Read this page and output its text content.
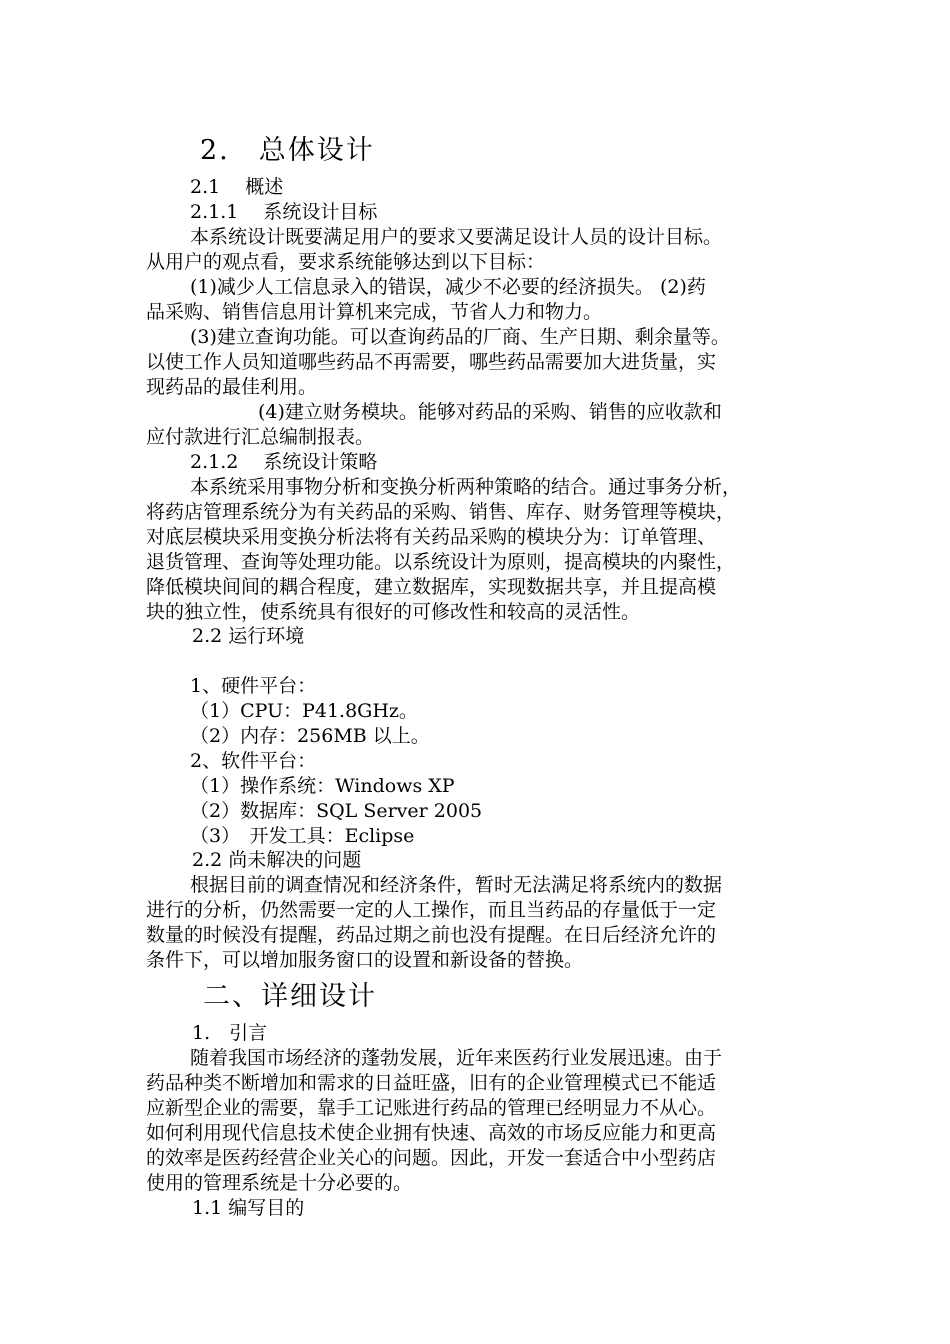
2.　总体设计
2.1　 概述
2.1.1　 系统设计目标
本系统设计既要满足用户的要求又要满足设计人员的设计目标。
从用户的观点看，要求系统能够达到以下目标：
(1)减少人工信息录入的错误，减少不必要的经济损失。 (2)药
品采购、销售信息用计算机来完成，节省人力和物力。
(3)建立查询功能。可以查询药品的厂商、生产日期、剩余量等。
以使工作人员知道哪些药品不再需要，哪些药品需要加大进货量，实
现药品的最佳利用。
(4)建立财务模块。能够对药品的采购、销售的应收款和
应付款进行汇总编制报表。
2.1.2　 系统设计策略
本系统采用事物分析和变换分析两种策略的结合。通过事务分析，
将药店管理系统分为有关药品的采购、销售、库存、财务管理等模块，
对底层模块采用变换分析法将有关药品采购的模块分为：订单管理、
退货管理、查询等处理功能。以系统设计为原则，提高模块的内聚性，
降低模块间间的耦合程度，建立数据库，实现数据共享，并且提高模
块的独立性，使系统具有很好的可修改性和较高的灵活性。
2.2 运行环境
1、硬件平台：
（1）CPU：P41.8GHz。
（2）内存：256MB 以上。
2、软件平台：
（1）操作系统：Windows XP
（2）数据库：SQL Server 2005
（3）　开发工具：Eclipse
2.2 尚未解决的问题
根据目前的调查情况和经济条件，暂时无法满足将系统内的数据
进行的分析，仍然需要一定的人工操作，而且当药品的存量低于一定
数量的时候没有提醒，药品过期之前也没有提醒。在日后经济允许的
条件下，可以增加服务窗口的设置和新设备的替换。
二、详细设计
1.　引言
随着我国市场经济的蓬勃发展，近年来医药行业发展迅速。由于
药品种类不断增加和需求的日益旺盛，旧有的企业管理模式已不能适
应新型企业的需要，靠手工记账进行药品的管理已经明显力不从心。
如何利用现代信息技术使企业拥有快速、高效的市场反应能力和更高
的效率是医药经营企业关心的问题。因此，开发一套适合中小型药店
使用的管理系统是十分必要的。
1.1 编写目的
